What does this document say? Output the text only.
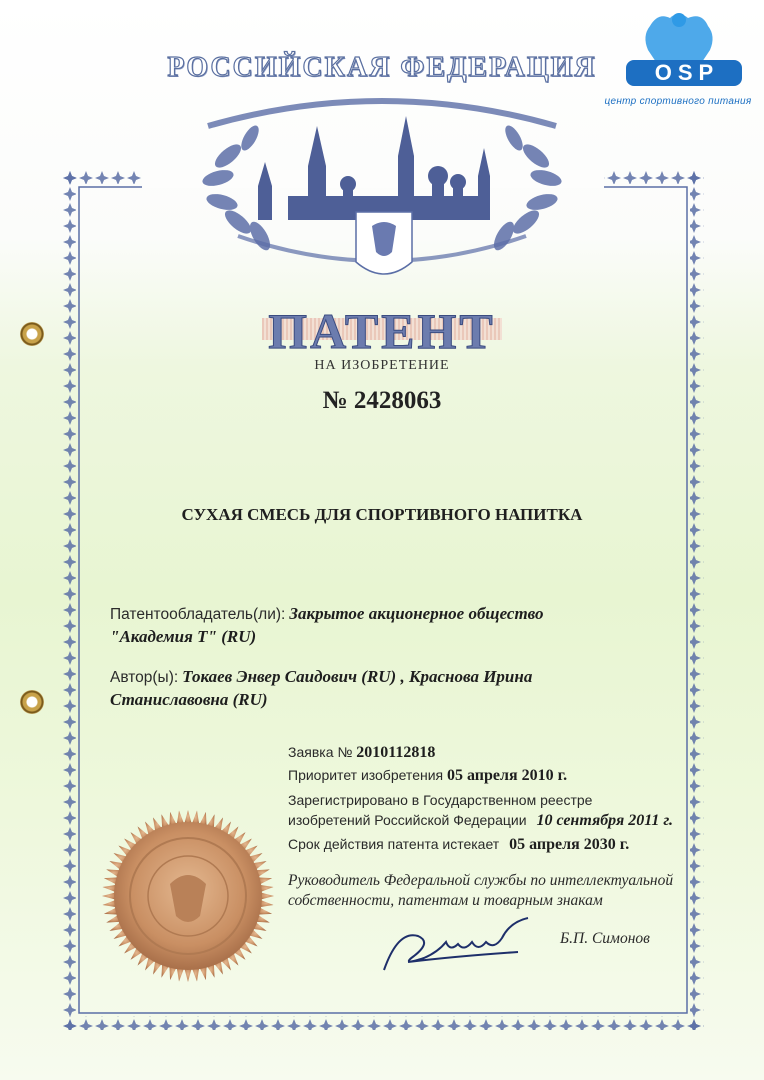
РОССИЙСКАЯ ФЕДЕРАЦИЯ	OSP
центр спортивного питания
ПАТЕНТ
НА ИЗОБРЕТЕНИЕ
№ 2428063
СУХАЯ СМЕСЬ ДЛЯ СПОРТИВНОГО НАПИТКА
Патентообладатель(ли): Закрытое акционерное общество
"Академия Т" (RU)
Автор(ы): Токаев Энвер Саидович (RU) , Краснова Ирина
Станиславовна (RU)
Заявка № 2010112818
Приоритет изобретения 05 апреля 2010 г.
Зарегистрировано в Государственном реестре
изобретений Российской Федерации 10 сентября 2011 г.
Срок действия патента истекает 05 апреля 2030 г.
Руководитель Федеральной службы по интеллектуальной
собственности, патентам и товарным знакам
Б.П. Симонов
